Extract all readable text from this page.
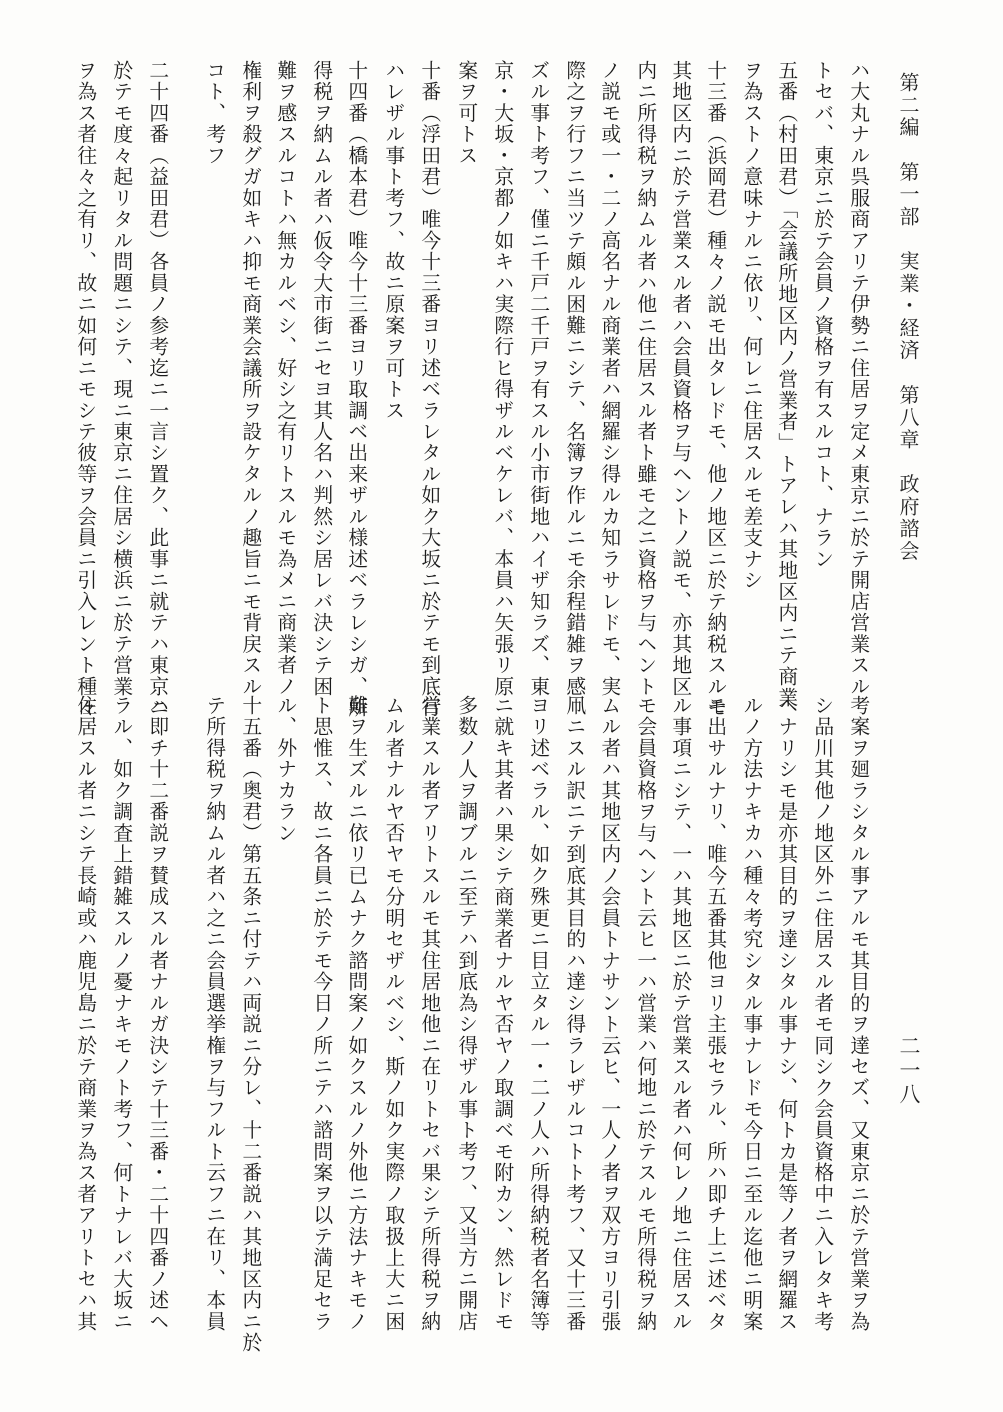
第二編　第一部　実業・経済　第八章　政府諮会
二一八
ハ大丸ナル呉服商アリテ伊勢ニ住居ヲ定メ東京ニ於テ開店営業スル
トセバ、東京ニ於テ会員ノ資格ヲ有スルコト、ナラン
五番（村田君）「会議所地区内ノ営業者」トアレハ其地区内ニテ商業
ヲ為ストノ意味ナルニ依リ、何レニ住居スルモ差支ナシ
十三番（浜岡君）種々ノ説モ出タレドモ、他ノ地区ニ於テ納税スルモ
其地区内ニ於テ営業スル者ハ会員資格ヲ与ヘントノ説モ、亦其地区
内ニ所得税ヲ納ムル者ハ他ニ住居スル者ト雖モ之ニ資格ヲ与ヘント
ノ説モ或一・二ノ高名ナル商業者ハ網羅シ得ルカ知ラサレドモ、実
際之ヲ行フニ当ツテ頗ル困難ニシテ、名簿ヲ作ルニモ余程錯雑ヲ感
ズル事ト考フ、僅ニ千戸二千戸ヲ有スル小市街地ハイザ知ラズ、東
京・大坂・京都ノ如キハ実際行ヒ得ザルベケレバ、本員ハ矢張リ原
案ヲ可トス
十番（浮田君）唯今十三番ヨリ述ベラレタル如ク大坂ニ於テモ到底行
ハレザル事ト考フ、故ニ原案ヲ可トス
十四番（橋本君）唯今十三番ヨリ取調ベ出来ザル様述ベラレシガ、所
得税ヲ納ムル者ハ仮令大市街ニセヨ其人名ハ判然シ居レバ決シテ困
難ヲ感スルコトハ無カルベシ、好シ之有リトスルモ為メニ商業者ノ
権利ヲ殺グガ如キハ抑モ商業会議所ヲ設ケタルノ趣旨ニモ背戻スル
コト、考フ
二十四番（益田君）各員ノ参考迄ニ一言シ置ク、此事ニ就テハ東京ニ
於テモ度々起リタル問題ニシテ、現ニ東京ニ住居シ横浜ニ於テ営業
ヲ為ス者往々之有リ、故ニ如何ニモシテ彼等ヲ会員ニ引入レント種々
考案ヲ廻ラシタル事アルモ其目的ヲ達セズ、又東京ニ於テ営業ヲ為
シ品川其他ノ地区外ニ住居スル者モ同シク会員資格中ニ入レタキ考
ヘナリシモ是亦其目的ヲ達シタル事ナシ、何トカ是等ノ者ヲ網羅ス
ルノ方法ナキカハ種々考究シタル事ナレドモ今日ニ至ル迄他ニ明案
モ出サルナリ、唯今五番其他ヨリ主張セラル、所ハ即チ上ニ述ベタ
ル事項ニシテ、一ハ其地区ニ於テ営業スル者ハ何レノ地ニ住居スル
モ会員資格ヲ与ヘント云ヒ一ハ営業ハ何地ニ於テスルモ所得税ヲ納
ムル者ハ其地区内ノ会員トナサント云ヒ、一人ノ者ヲ双方ヨリ引張
凧ニスル訳ニテ到底其目的ハ達シ得ラレザルコトト考フ、又十三番
ヨリ述ベラル、如ク殊更ニ目立タル一・二ノ人ハ所得納税者名簿等
ニ就キ其者ハ果シテ商業者ナルヤ否ヤノ取調ベモ附カン、然レドモ
多数ノ人ヲ調ブルニ至テハ到底為シ得ザル事ト考フ、又当方ニ開店
営業スル者アリトスルモ其住居地他ニ在リトセバ果シテ所得税ヲ納
ムル者ナルヤ否ヤモ分明セザルベシ、斯ノ如ク実際ノ取扱上大ニ困
難ヲ生ズルニ依リ已ムナク諮問案ノ如クスルノ外他ニ方法ナキモノ
ト思惟ス、故ニ各員ニ於テモ今日ノ所ニテハ諮問案ヲ以テ満足セラ
ル、外ナカラン
十五番（奥君）第五条ニ付テハ両説ニ分レ、十二番説ハ其地区内ニ於
テ所得税ヲ納ムル者ハ之ニ会員選挙権ヲ与フルト云フニ在リ、本員
ハ即チ十二番説ヲ賛成スル者ナルガ決シテ十三番・二十四番ノ述ヘ
ラル、如ク調査上錯雑スルノ憂ナキモノト考フ、何トナレバ大坂ニ
住居スル者ニシテ長崎或ハ鹿児島ニ於テ商業ヲ為ス者アリトセハ其
